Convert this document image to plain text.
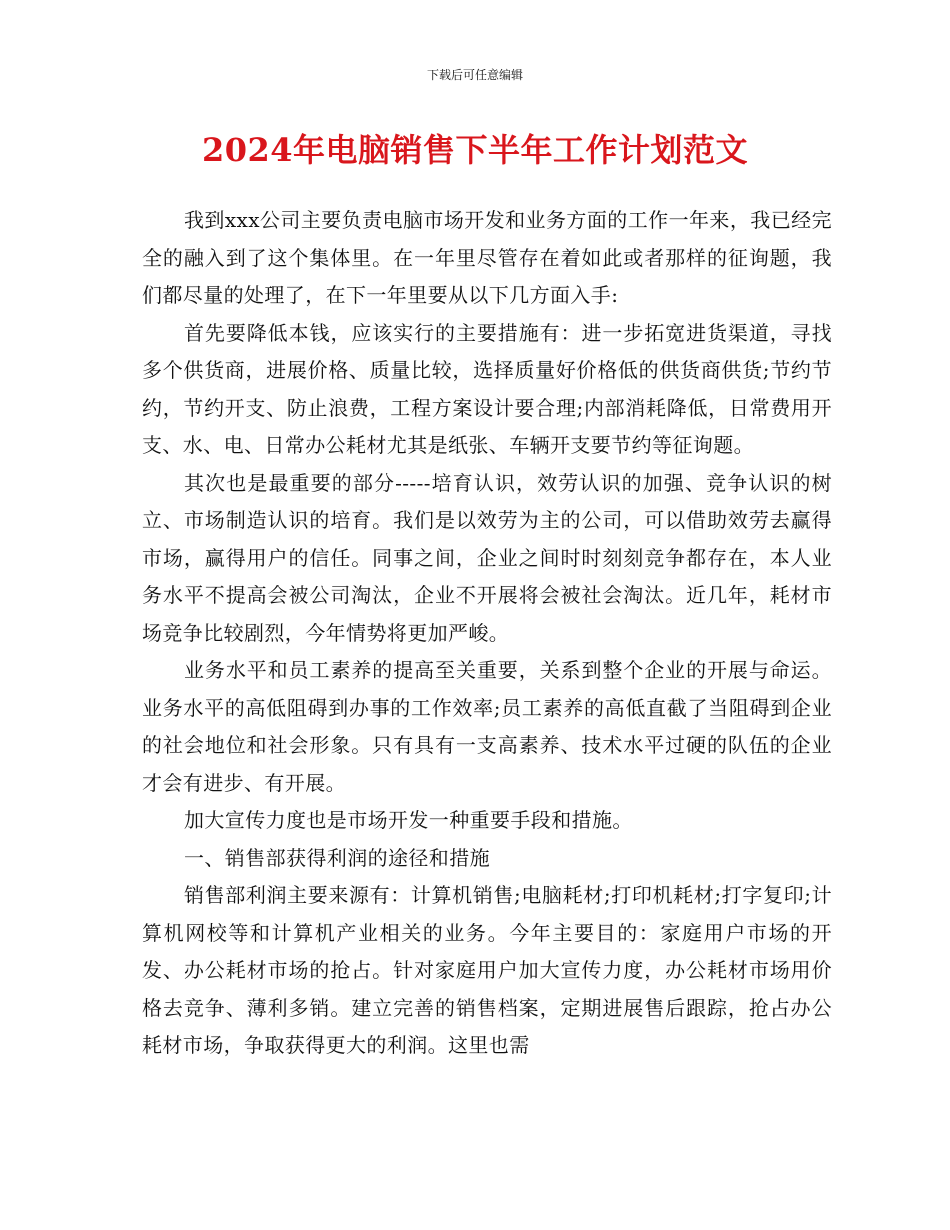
下载后可任意编辑

2024年电脑销售下半年工作计划范文

我到xxx公司主要负责电脑市场开发和业务方面的工作一年来，我已经完全的融入到了这个集体里。在一年里尽管存在着如此或者那样的征询题，我们都尽量的处理了，在下一年里要从以下几方面入手:

首先要降低本钱，应该实行的主要措施有：进一步拓宽进货渠道，寻找多个供货商，进展价格、质量比较，选择质量好价格低的供货商供货;节约节约，节约开支、防止浪费，工程方案设计要合理;内部消耗降低，日常费用开支、水、电、日常办公耗材尤其是纸张、车辆开支要节约等征询题。

其次也是最重要的部分-----培育认识，效劳认识的加强、竞争认识的树立、市场制造认识的培育。我们是以效劳为主的公司，可以借助效劳去赢得市场，赢得用户的信任。同事之间，企业之间时时刻刻竞争都存在，本人业务水平不提高会被公司淘汰，企业不开展将会被社会淘汰。近几年，耗材市场竞争比较剧烈，今年情势将更加严峻。

业务水平和员工素养的提高至关重要，关系到整个企业的开展与命运。业务水平的高低阻碍到办事的工作效率;员工素养的高低直截了当阻碍到企业的社会地位和社会形象。只有具有一支高素养、技术水平过硬的队伍的企业才会有进步、有开展。

加大宣传力度也是市场开发一种重要手段和措施。

一、销售部获得利润的途径和措施

销售部利润主要来源有：计算机销售;电脑耗材;打印机耗材;打字复印;计算机网校等和计算机产业相关的业务。今年主要目的：家庭用户市场的开发、办公耗材市场的抢占。针对家庭用户加大宣传力度，办公耗材市场用价格去竞争、薄利多销。建立完善的销售档案，定期进展售后跟踪，抢占办公耗材市场，争取获得更大的利润。这里也需
